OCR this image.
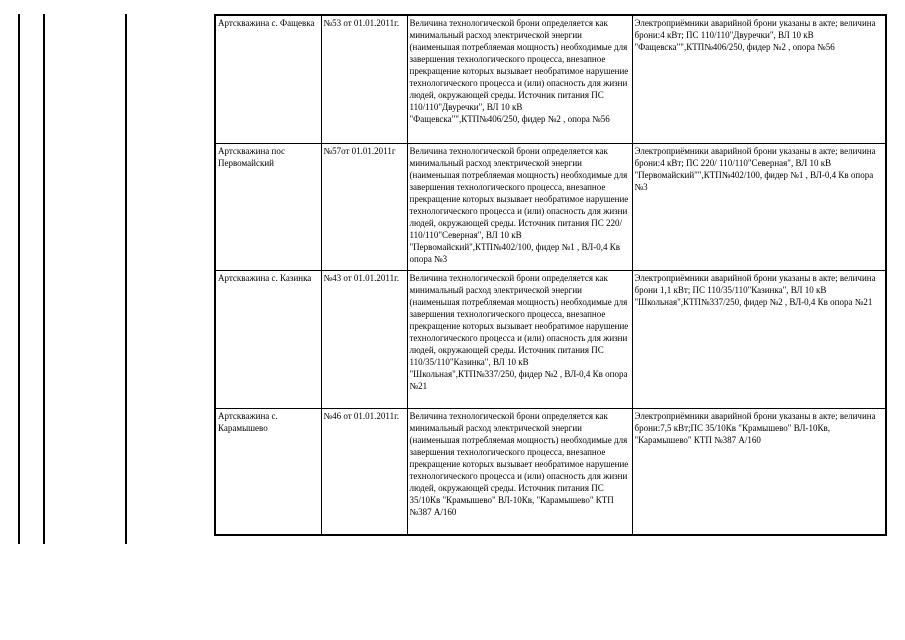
Артскважина с. Фащевка	№53 от 01.01.2011г.	Величина технологической брони определяется как минимальный расход электрической энергии (наименьшая потребляемая мощность) необходимые для завершения технологического процесса, внезапное прекращение которых вызывает необратимое нарушение технологического процесса и (или) опасность для жизни людей, окружающей среды. Источник питания ПС 110/110"Двуречки", ВЛ 10 кВ "Фащевска"",КТП№406/250, фидер №2 , опора №56	Электроприёмники аварийной брони указаны в акте; величина брони:4 кВт; ПС 110/110"Двуречки", ВЛ 10 кВ "Фащевска"",КТП№406/250, фидер №2 , опора №56
Артскважина пос Первомайский	№57от 01.01.2011г	Величина технологической брони определяется как минимальный расход электрической энергии (наименьшая потребляемая мощность) необходимые для завершения технологического процесса, внезапное прекращение которых вызывает необратимое нарушение технологического процесса и (или) опасность для жизни людей, окружающей среды. Источник питания ПС 220/ 110/110"Северная", ВЛ 10 кВ "Первомайский",КТП№402/100, фидер №1 , ВЛ-0,4 Кв опора №3	Электроприёмники аварийной брони указаны в акте; величина брони:4 кВт; ПС 220/ 110/110"Северная", ВЛ 10 кВ "Первомайский"",КТП№402/100, фидер №1 , ВЛ-0,4 Кв опора №3
Артскважина с. Казинка	№43 от 01.01.2011г.	Величина технологической брони определяется как минимальный расход электрической энергии (наименьшая потребляемая мощность) необходимые для завершения технологического процесса, внезапное прекращение которых вызывает необратимое нарушение технологического процесса и (или) опасность для жизни людей, окружающей среды. Источник питания ПС 110/35/110"Казинка", ВЛ 10 кВ "Школьная",КТП№337/250, фидер №2 , ВЛ-0,4 Кв опора №21	Электроприёмники аварийной брони указаны в акте; величина брони 1,1 кВт; ПС 110/35/110"Казинка", ВЛ 10 кВ "Школьная",КТП№337/250, фидер №2 , ВЛ-0,4 Кв опора №21
Артскважина с. Карамышево	№46 от 01.01.2011г.	Величина технологической брони определяется как минимальный расход электрической энергии (наименьшая потребляемая мощность) необходимые для завершения технологического процесса, внезапное прекращение которых вызывает необратимое нарушение технологического процесса и (или) опасность для жизни людей, окружающей среды. Источник питания ПС 35/10Кв "Крамышево" ВЛ-10Кв, "Карамышево" КТП №387 А/160	Электроприёмники аварийной брони указаны в акте; величина брони:7,5 кВт;ПС 35/10Кв "Крамышево" ВЛ-10Кв, "Карамышево" КТП №387 А/160
